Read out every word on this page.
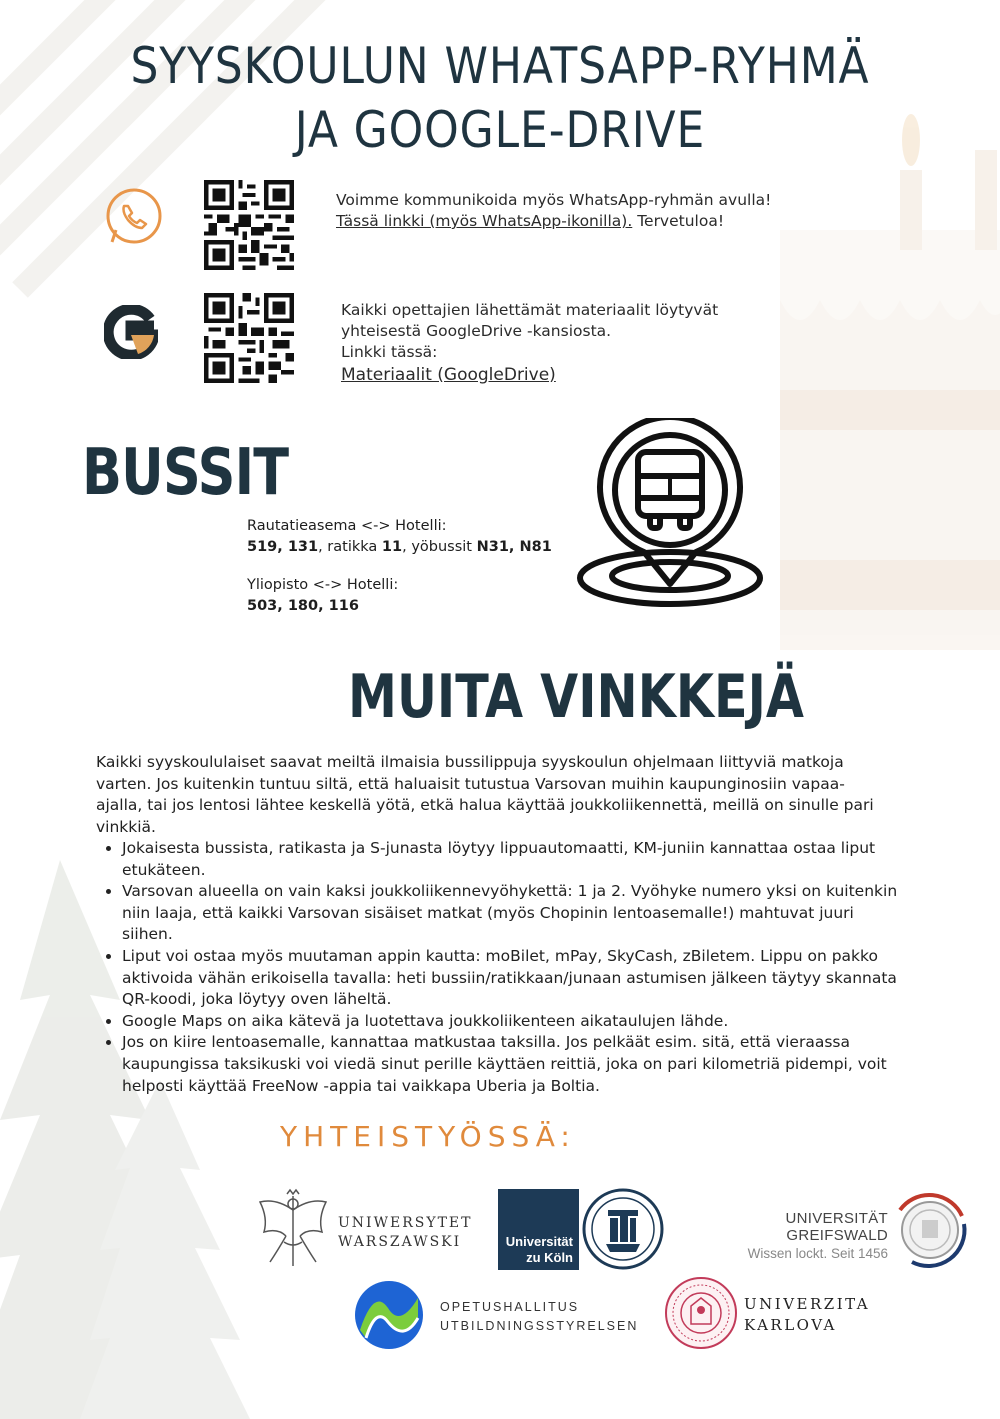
SYYSKOULUN WHATSAPP-RYHMÄ
JA GOOGLE-DRIVE
Voimme kommunikoida myös WhatsApp-ryhmän avulla!
Tässä linkki (myös WhatsApp-ikonilla). Tervetuloa!
Kaikki opettajien lähettämät materiaalit löytyvät
yhteisestä GoogleDrive -kansiosta.
Linkki tässä:
Materiaalit (GoogleDrive)
BUSSIT
Rautatieasema <-> Hotelli:
519, 131, ratikka 11, yöbussit N31, N81
Yliopisto <-> Hotelli:
503, 180, 116
MUITA VINKKEJÄ
Kaikki syyskoululaiset saavat meiltä ilmaisia bussilippuja syyskoulun ohjelmaan liittyviä matkoja varten. Jos kuitenkin tuntuu siltä, että haluaisit tutustua Varsovan muihin kaupunginosiin vapaa-ajalla, tai jos lentosi lähtee keskellä yötä, etkä halua käyttää joukkoliikennettä, meillä on sinulle pari vinkkiä.
• Jokaisesta bussista, ratikasta ja S-junasta löytyy lippuautomaatti, KM-juniin kannattaa ostaa liput etukäteen.
• Varsovan alueella on vain kaksi joukkoliikennevyöhykettä: 1 ja 2. Vyöhyke numero yksi on kuitenkin niin laaja, että kaikki Varsovan sisäiset matkat (myös Chopinin lentoasemalle!) mahtuvat juuri siihen.
• Liput voi ostaa myös muutaman appin kautta: moBilet, mPay, SkyCash, zBiletem. Lippu on pakko aktivoida vähän erikoisella tavalla: heti bussiin/ratikkaan/junaan astumisen jälkeen täytyy skannata QR-koodi, joka löytyy oven läheltä.
• Google Maps on aika kätevä ja luotettava joukkoliikenteen aikataulujen lähde.
• Jos on kiire lentoasemalle, kannattaa matkustaa taksilla. Jos pelkäät esim. sitä, että vieraassa kaupungissa taksikuski voi viedä sinut perille käyttäen reittiä, joka on pari kilometriä pidempi, voit helposti käyttää FreeNow -appia tai vaikkapa Uberia ja Boltia.
YHTEISTYÖSSÄ:
UNIWERSYTET
WARSZAWSKI	Universität
zu Köln
UNIVERSITÄT GREIFSWALD
Wissen lockt. Seit 1456
OPETUSHALLITUS
UTBILDNINGSSTYRELSEN
UNIVERZITA
KARLOVA
